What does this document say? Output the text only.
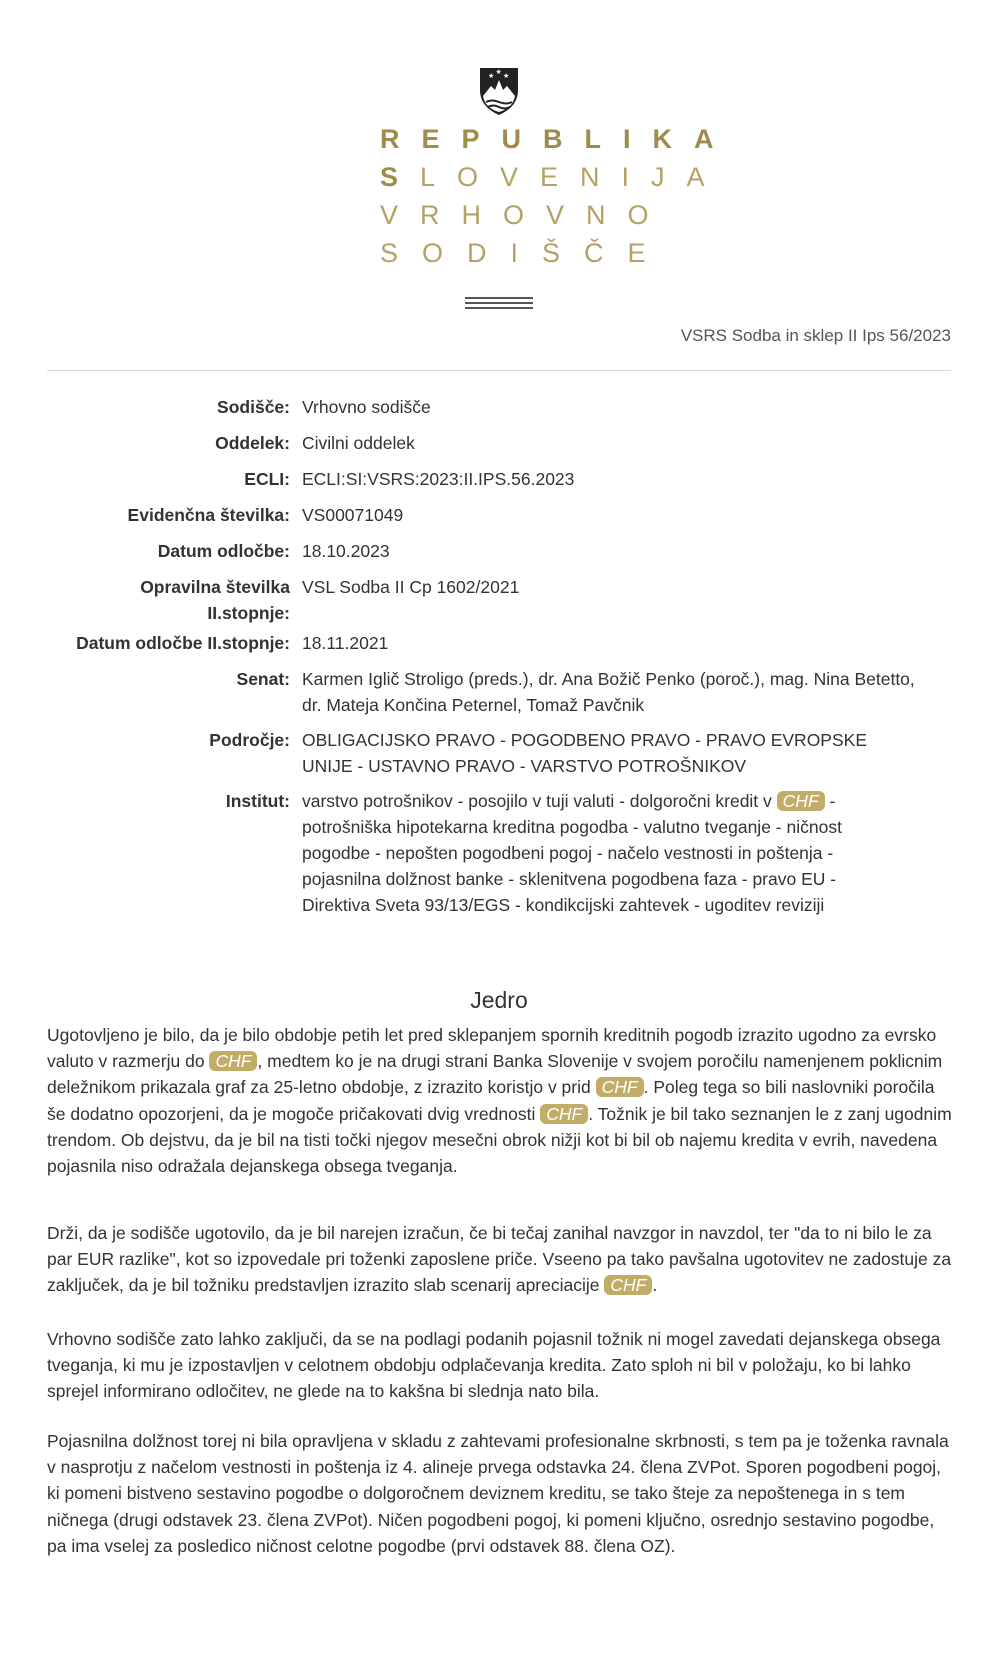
★ ★
★
REPUBLIKA
SLOVENIJA
VRHOVNO
SODIŠČE
VSRS Sodba in sklep II Ips 56/2023
Sodišče: Vrhovno sodišče
Oddelek: Civilni oddelek
ECLI: ECLI:SI:VSRS:2023:II.IPS.56.2023
Evidenčna številka: VS00071049
Datum odločbe: 18.10.2023
Opravilna številka
II.stopnje:
VSL Sodba II Cp 1602/2021
Datum odločbe II.stopnje: 18.11.2021
Senat: Karmen Iglič Stroligo (preds.), dr. Ana Božič Penko (poroč.), mag. Nina Betetto, dr. Mateja Končina Peternel, Tomaž Pavčnik
Področje: OBLIGACIJSKO PRAVO - POGODBENO PRAVO - PRAVO EVROPSKE UNIJE - USTAVNO PRAVO - VARSTVO POTROŠNIKOV
Institut: varstvo potrošnikov - posojilo v tuji valuti - dolgoročni kredit v CHF - potrošniška hipotekarna kreditna pogodba - valutno tveganje - ničnost pogodbe - nepošten pogodbeni pogoj - načelo vestnosti in poštenja - pojasnilna dolžnost banke - sklenitvena pogodbena faza - pravo EU - Direktiva Sveta 93/13/EGS - kondikcijski zahtevek - ugoditev reviziji
Jedro
Ugotovljeno je bilo, da je bilo obdobje petih let pred sklepanjem spornih kreditnih pogodb izrazito ugodno za evrsko valuto v razmerju do CHF , medtem ko je na drugi strani Banka Slovenije v svojem poročilu namenjenem poklicnim deležnikom prikazala graf za 25-letno obdobje, z izrazito koristjo v prid CHF . Poleg tega so bili naslovniki poročila še dodatno opozorjeni, da je mogoče pričakovati dvig vrednosti CHF . Tožnik je bil tako seznanjen le z zanj ugodnim trendom. Ob dejstvu, da je bil na tisti točki njegov mesečni obrok nižji kot bi bil ob najemu kredita v evrih, navedena pojasnila niso odražala dejanskega obsega tveganja.
Drži, da je sodišče ugotovilo, da je bil narejen izračun, če bi tečaj zanihal navzgor in navzdol, ter "da to ni bilo le za par EUR razlike", kot so izpovedale pri toženki zaposlene priče. Vseeno pa tako pavšalna ugotovitev ne zadostuje za zaključek, da je bil tožniku predstavljen izrazito slab scenarij apreciacije CHF .
Vrhovno sodišče zato lahko zaključi, da se na podlagi podanih pojasnil tožnik ni mogel zavedati dejanskega obsega tveganja, ki mu je izpostavljen v celotnem obdobju odplačevanja kredita. Zato sploh ni bil v položaju, ko bi lahko sprejel informirano odločitev, ne glede na to kakšna bi slednja nato bila.
Pojasnilna dolžnost torej ni bila opravljena v skladu z zahtevami profesionalne skrbnosti, s tem pa je toženka ravnala v nasprotju z načelom vestnosti in poštenja iz 4. alineje prvega odstavka 24. člena ZVPot. Sporen pogodbeni pogoj, ki pomeni bistveno sestavino pogodbe o dolgoročnem deviznem kreditu, se tako šteje za nepoštenega in s tem ničnega (drugi odstavek 23. člena ZVPot). Ničen pogodbeni pogoj, ki pomeni ključno, osrednjo sestavino pogodbe, pa ima vselej za posledico ničnost celotne pogodbe (prvi odstavek 88. člena OZ).
